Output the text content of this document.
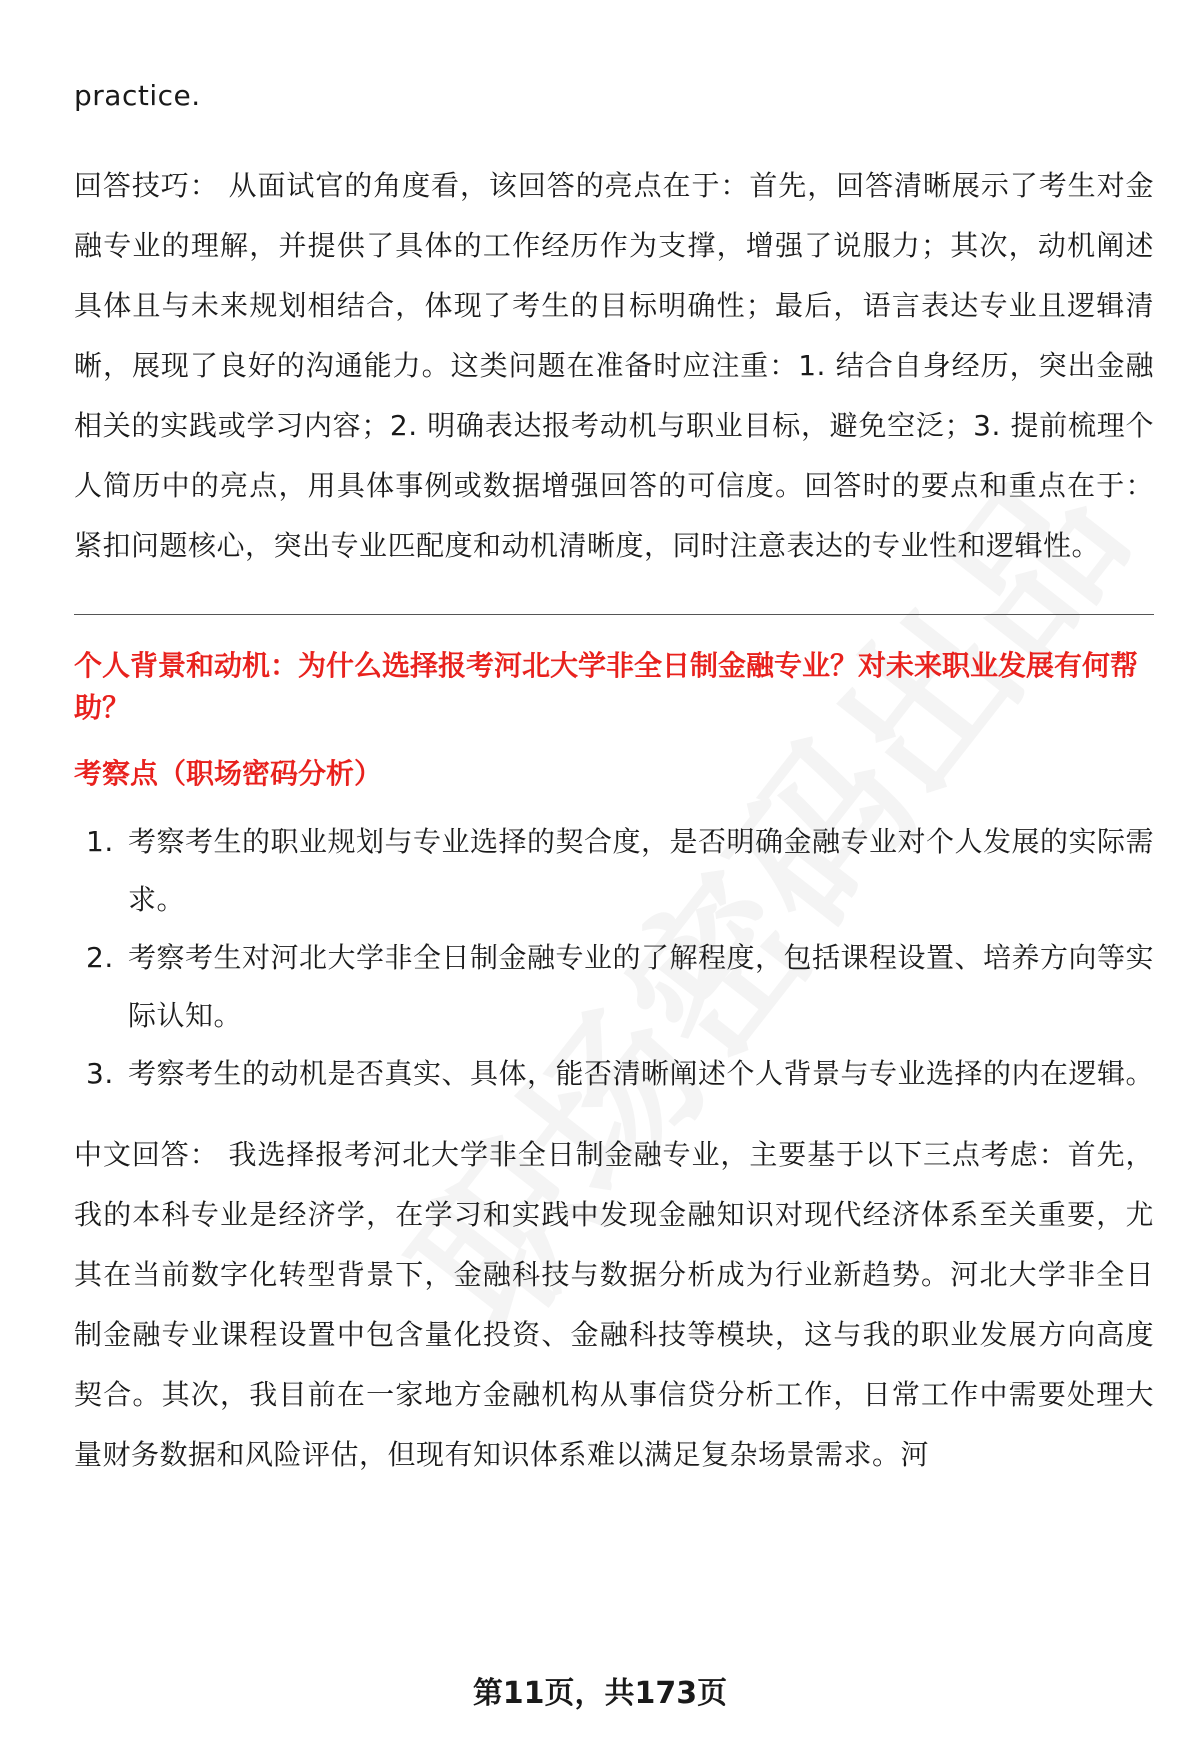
practice.

回答技巧： 从面试官的角度看，该回答的亮点在于：首先，回答清晰展示了考生对金融专业的理解，并提供了具体的工作经历作为支撑，增强了说服力；其次，动机阐述具体且与未来规划相结合，体现了考生的目标明确性；最后，语言表达专业且逻辑清晰，展现了良好的沟通能力。这类问题在准备时应注重：1. 结合自身经历，突出金融相关的实践或学习内容；2. 明确表达报考动机与职业目标，避免空泛；3. 提前梳理个人简历中的亮点，用具体事例或数据增强回答的可信度。回答时的要点和重点在于：紧扣问题核心，突出专业匹配度和动机清晰度，同时注意表达的专业性和逻辑性。

个人背景和动机：为什么选择报考河北大学非全日制金融专业？对未来职业发展有何帮助？
考察点（职场密码分析）
1. 考察考生的职业规划与专业选择的契合度，是否明确金融专业对个人发展的实际需求。
2. 考察考生对河北大学非全日制金融专业的了解程度，包括课程设置、培养方向等实际认知。
3. 考察考生的动机是否真实、具体，能否清晰阐述个人背景与专业选择的内在逻辑。

中文回答： 我选择报考河北大学非全日制金融专业，主要基于以下三点考虑：首先，我的本科专业是经济学，在学习和实践中发现金融知识对现代经济体系至关重要，尤其在当前数字化转型背景下，金融科技与数据分析成为行业新趋势。河北大学非全日制金融专业课程设置中包含量化投资、金融科技等模块，这与我的职业发展方向高度契合。其次，我目前在一家地方金融机构从事信贷分析工作，日常工作中需要处理大量财务数据和风险评估，但现有知识体系难以满足复杂场景需求。河

第11页，共173页
